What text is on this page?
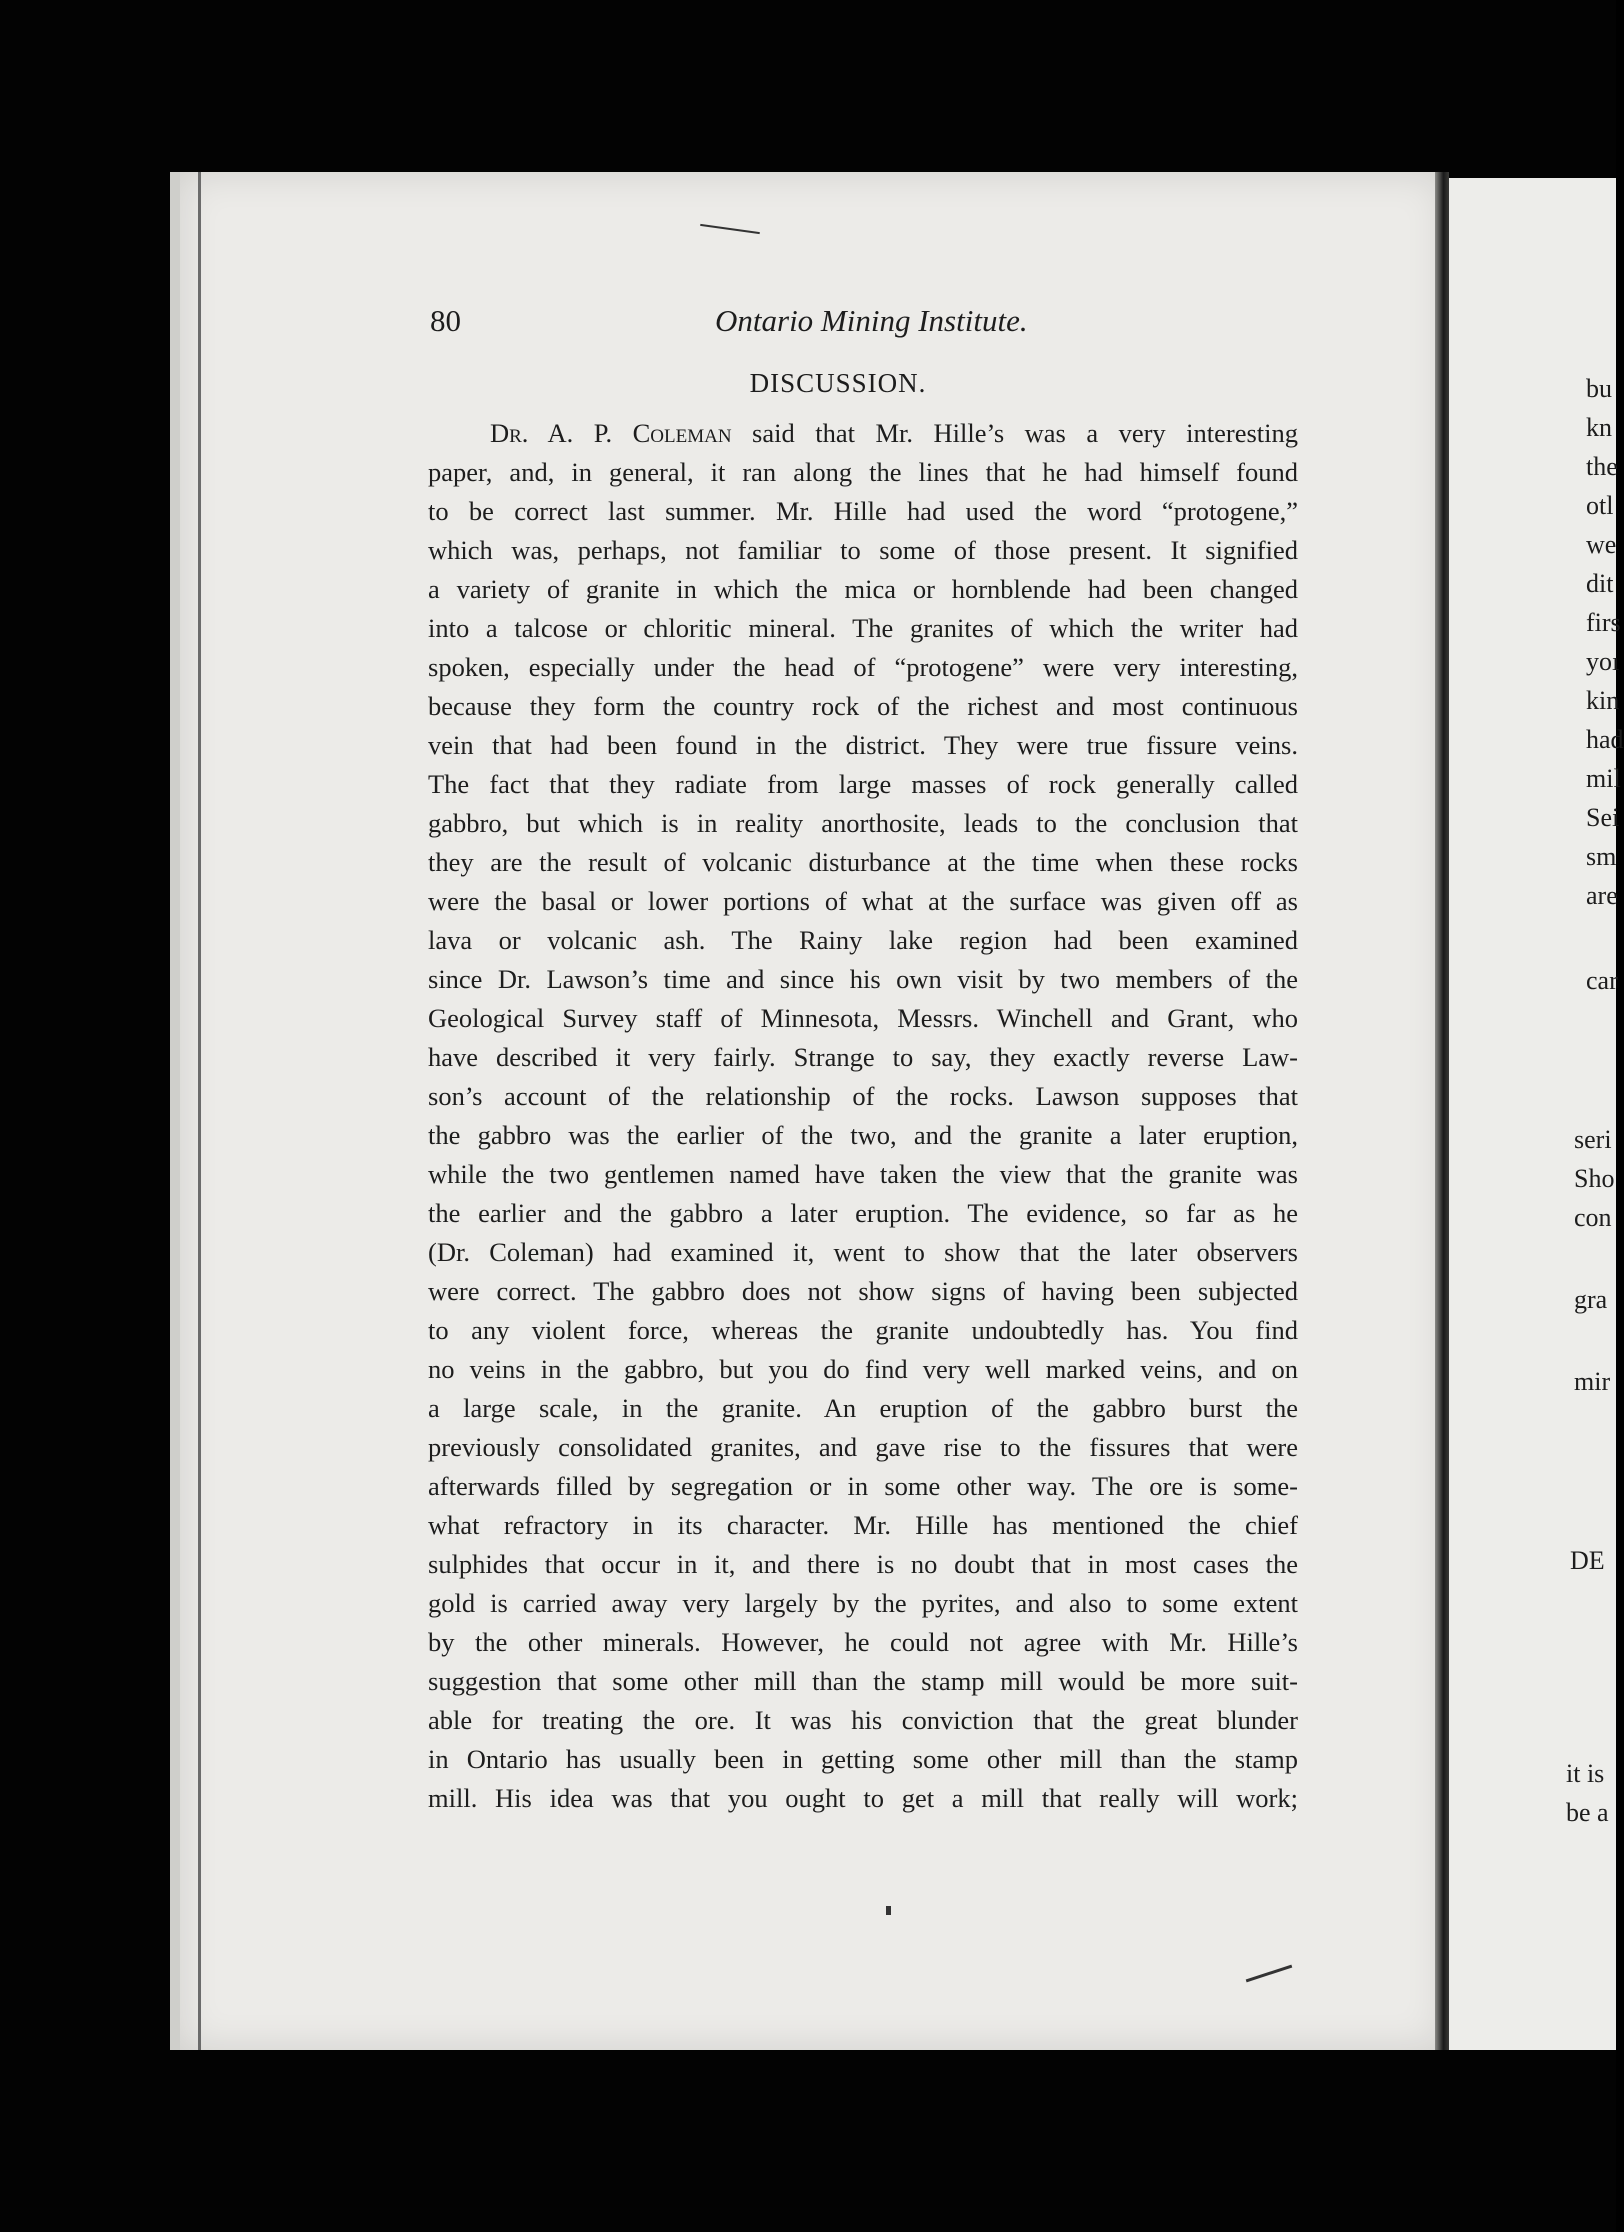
80	Ontario Mining Institute.
DISCUSSION.
Dr. A. P. Coleman said that Mr. Hille’s was a very interesting
paper, and, in general, it ran along the lines that he had himself found
to be correct last summer. Mr. Hille had used the word “protogene,”
which was, perhaps, not familiar to some of those present. It signified
a variety of granite in which the mica or hornblende had been changed
into a talcose or chloritic mineral. The granites of which the writer had
spoken, especially under the head of “protogene” were very interesting,
because they form the country rock of the richest and most continuous
vein that had been found in the district. They were true fissure veins.
The fact that they radiate from large masses of rock generally called
gabbro, but which is in reality anorthosite, leads to the conclusion that
they are the result of volcanic disturbance at the time when these rocks
were the basal or lower portions of what at the surface was given off as
lava or volcanic ash. The Rainy lake region had been examined
since Dr. Lawson’s time and since his own visit by two members of the
Geological Survey staff of Minnesota, Messrs. Winchell and Grant, who
have described it very fairly. Strange to say, they exactly reverse Law-
son’s account of the relationship of the rocks. Lawson supposes that
the gabbro was the earlier of the two, and the granite a later eruption,
while the two gentlemen named have taken the view that the granite was
the earlier and the gabbro a later eruption. The evidence, so far as he
(Dr. Coleman) had examined it, went to show that the later observers
were correct. The gabbro does not show signs of having been subjected
to any violent force, whereas the granite undoubtedly has. You find
no veins in the gabbro, but you do find very well marked veins, and on
a large scale, in the granite. An eruption of the gabbro burst the
previously consolidated granites, and gave rise to the fissures that were
afterwards filled by segregation or in some other way. The ore is some-
what refractory in its character. Mr. Hille has mentioned the chief
sulphides that occur in it, and there is no doubt that in most cases the
gold is carried away very largely by the pyrites, and also to some extent
by the other minerals. However, he could not agree with Mr. Hille’s
suggestion that some other mill than the stamp mill would be more suit-
able for treating the ore. It was his conviction that the great blunder
in Ontario has usually been in getting some other mill than the stamp
mill. His idea was that you ought to get a mill that really will work;
bu
kn
the
otl
dit
we
firs
yoı
kin
had
mil
Sei
sm
are
car
seri
Sho
con
gra
mir
DE
it is
be a
